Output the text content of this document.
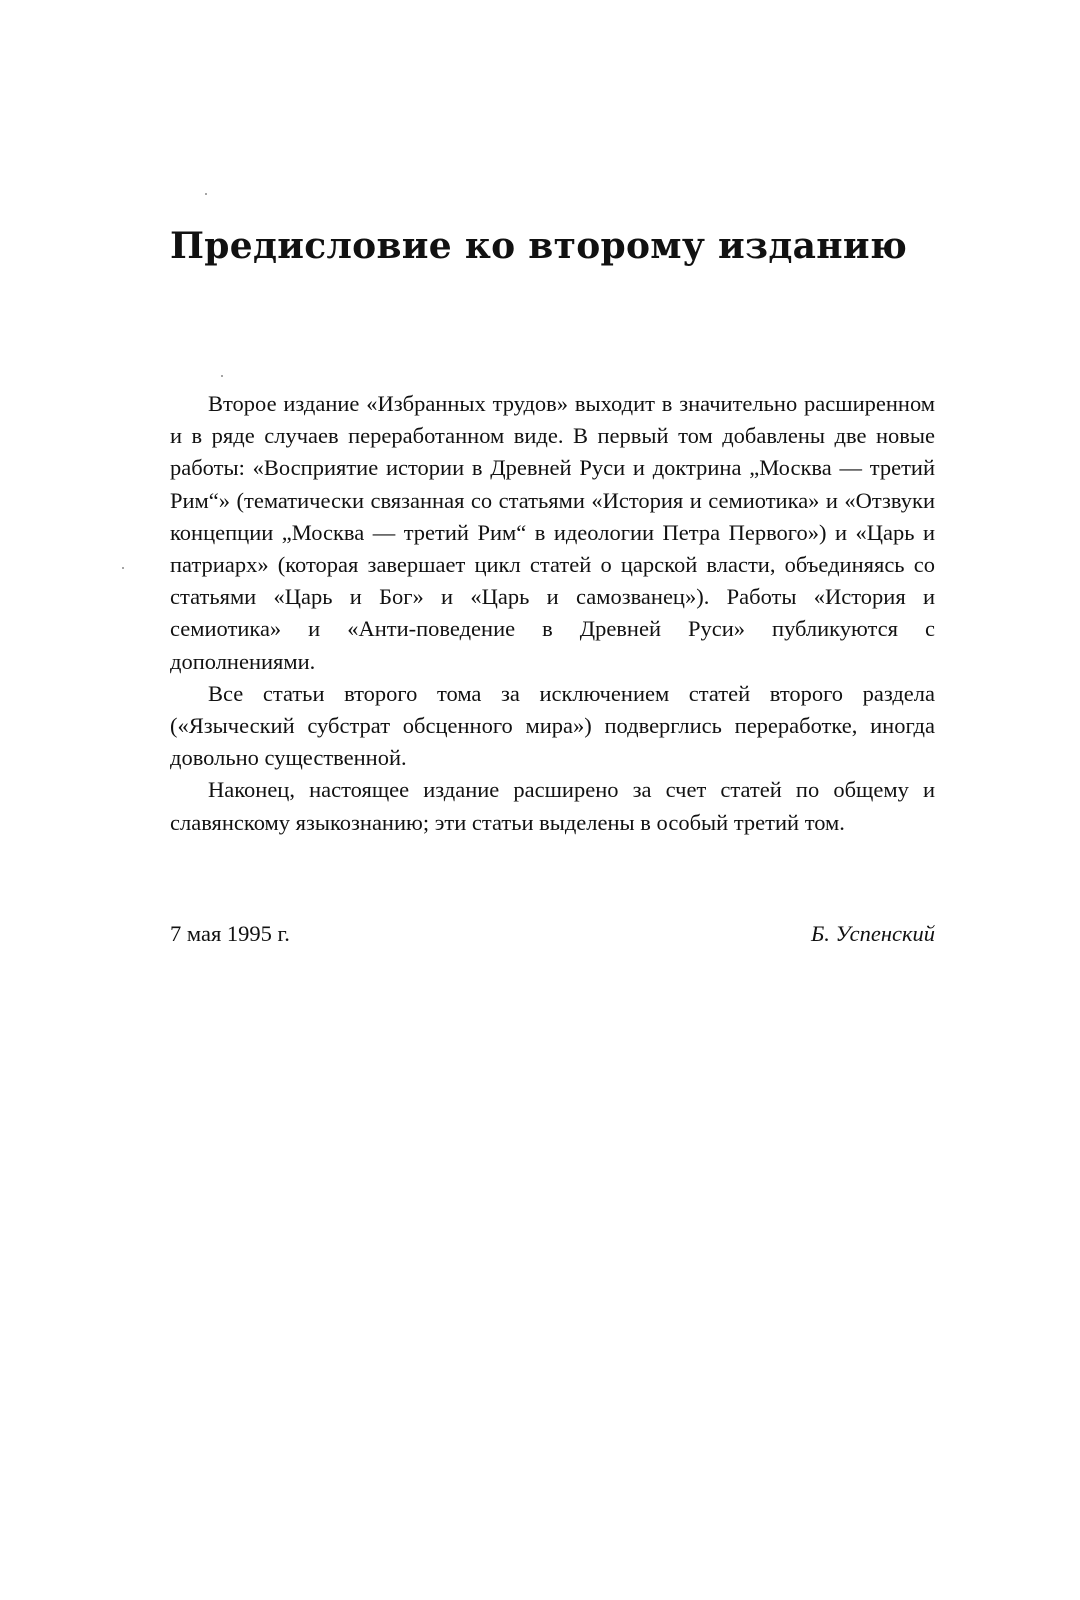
Предисловие ко второму изданию

Второе издание «Избранных трудов» выходит в значительно расширенном и в ряде случаев переработанном виде. В первый том добавлены две новые работы: «Восприятие истории в Древней Руси и доктрина „Москва — третий Рим“» (тематически связанная со статьями «История и семиотика» и «Отзвуки концепции „Москва — третий Рим“ в идеологии Петра Первого») и «Царь и патриарх» (которая завершает цикл статей о царской власти, объединяясь со статьями «Царь и Бог» и «Царь и самозванец»). Работы «История и семиотика» и «Анти-поведение в Древней Руси» публикуются с дополнениями.

Все статьи второго тома за исключением статей второго раздела («Языческий субстрат обсценного мира») подверглись переработке, иногда довольно существенной.

Наконец, настоящее издание расширено за счет статей по общему и славянскому языкознанию; эти статьи выделены в особый третий том.

7 мая 1995 г.	Б. Успенский
